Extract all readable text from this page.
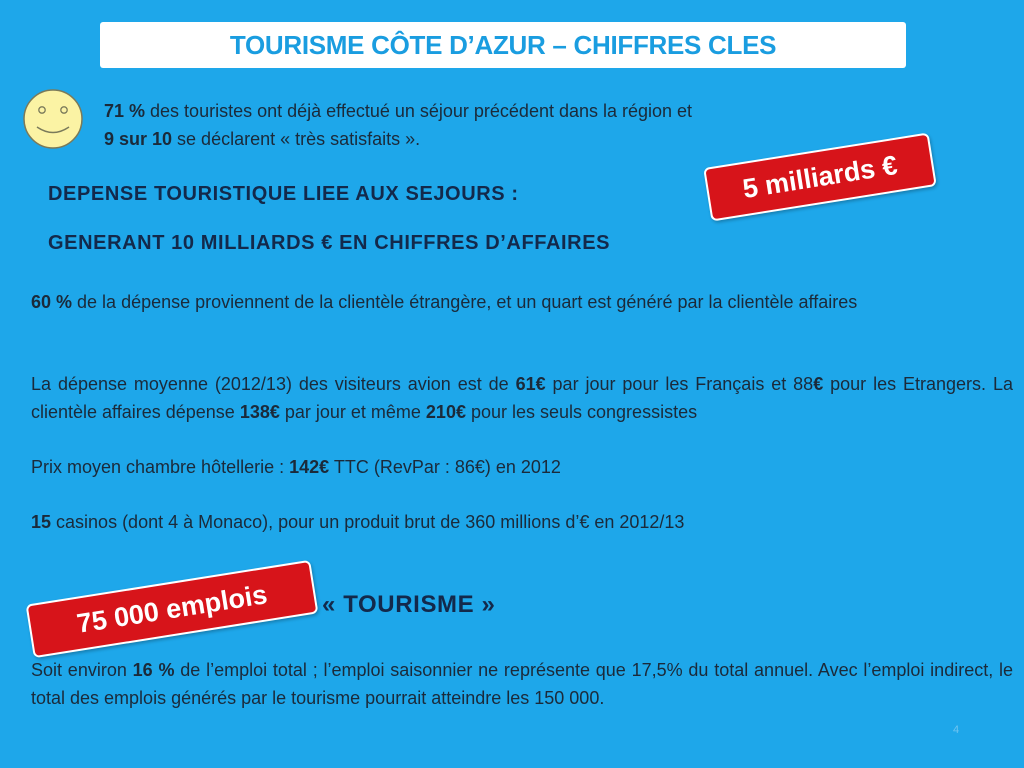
TOURISME CÔTE D’AZUR – CHIFFRES CLES
71 % des touristes ont déjà effectué un séjour précédent dans la région et
9 sur 10 se déclarent « très satisfaits ».
DEPENSE TOURISTIQUE LIEE AUX SEJOURS :	5 milliards €
GENERANT 10 MILLIARDS € EN CHIFFRES D’AFFAIRES
60 % de la dépense proviennent de la clientèle étrangère, et un quart est généré par la clientèle affaires
La dépense moyenne (2012/13) des visiteurs avion est de 61€ par jour pour les Français et 88€ pour les Etrangers. La clientèle affaires dépense 138€ par jour et même 210€ pour les seuls congressistes
Prix moyen chambre hôtellerie : 142€ TTC (RevPar : 86€) en 2012
15 casinos (dont 4 à Monaco), pour un produit brut de 360 millions d’€ en 2012/13
75 000 emplois	« TOURISME »
Soit environ 16 % de l’emploi total ; l’emploi saisonnier ne représente que 17,5% du total annuel. Avec l’emploi indirect, le total des emplois générés par le tourisme pourrait atteindre les 150 000.
4
